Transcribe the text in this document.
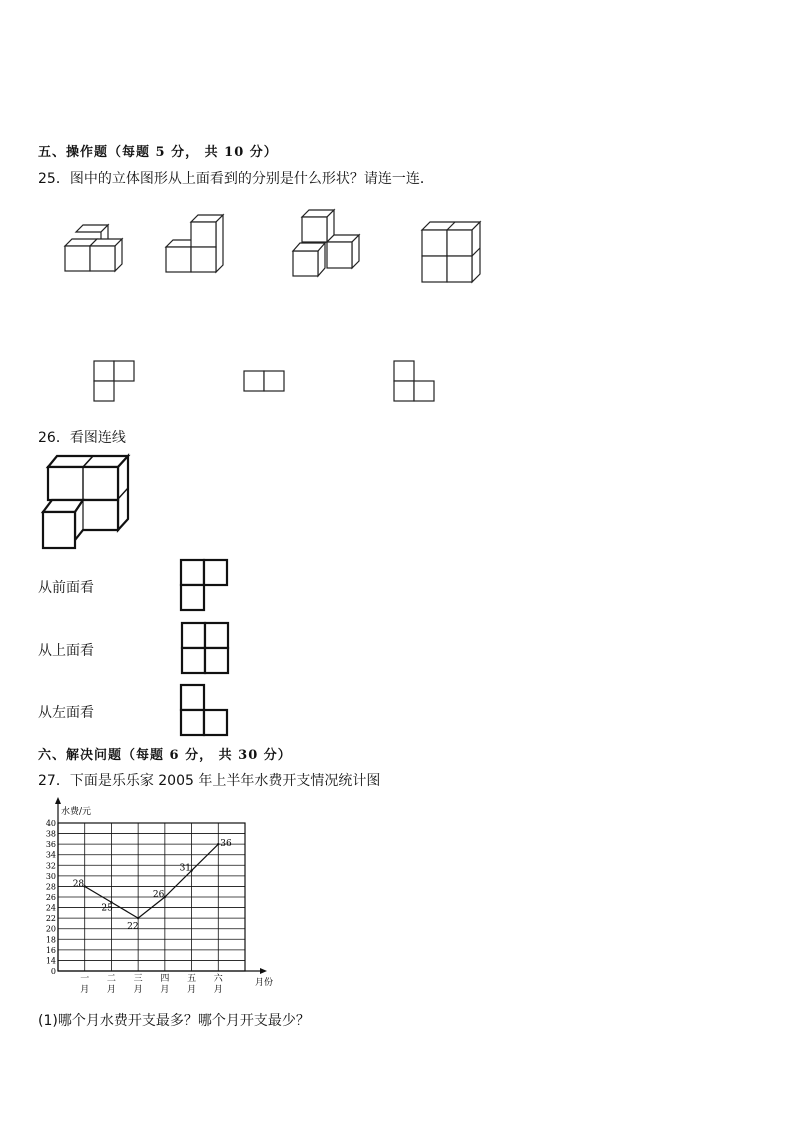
五、操作题（每题 5 分， 共 10 分）
25．图中的立体图形从上面看到的分别是什么形状？请连一连．
26．看图连线
从前面看
从上面看
从左面看
六、解决问题（每题 6 分， 共 30 分）
27．下面是乐乐家 2005 年上半年水费开支情况统计图
0
14
16
18
20
22
24
26
28
30
32
34
36
38
40
水费/元
月份
一
月
二
月
三
月
四
月
五
月
六
月
28
25
22
26
31
36
(1)哪个月水费开支最多？哪个月开支最少？
